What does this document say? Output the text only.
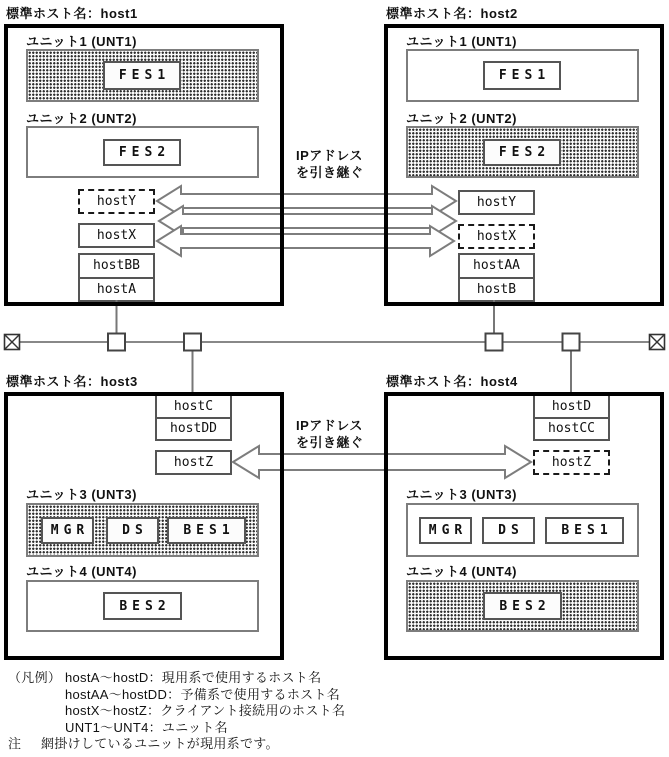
標準ホスト名：host1	標準ホスト名：host2
標準ホスト名：host3	標準ホスト名：host4
ユニット1 (UNT1)
FES1
ユニット2 (UNT2)
FES2
hostY
hostX
hostBB
hostA
ユニット1 (UNT1)
FES1
ユニット2 (UNT2)
FES2
hostY
hostX
hostAA
hostB
hostC
hostDD
hostZ
ユニット3 (UNT3)
MGR	DS	BES1
ユニット4 (UNT4)
BES2
hostD
hostCC
hostZ
ユニット3 (UNT3)
MGR	DS	BES1
ユニット4 (UNT4)
BES2
IPアドレス
を引き継ぐ
IPアドレス
を引き継ぐ
（凡例） hostA〜hostD：現用系で使用するホスト名
hostAA〜hostDD：予備系で使用するホスト名
hostX〜hostZ：クライアント接続用のホスト名
UNT1〜UNT4：ユニット名
注	網掛けしているユニットが現用系です。
